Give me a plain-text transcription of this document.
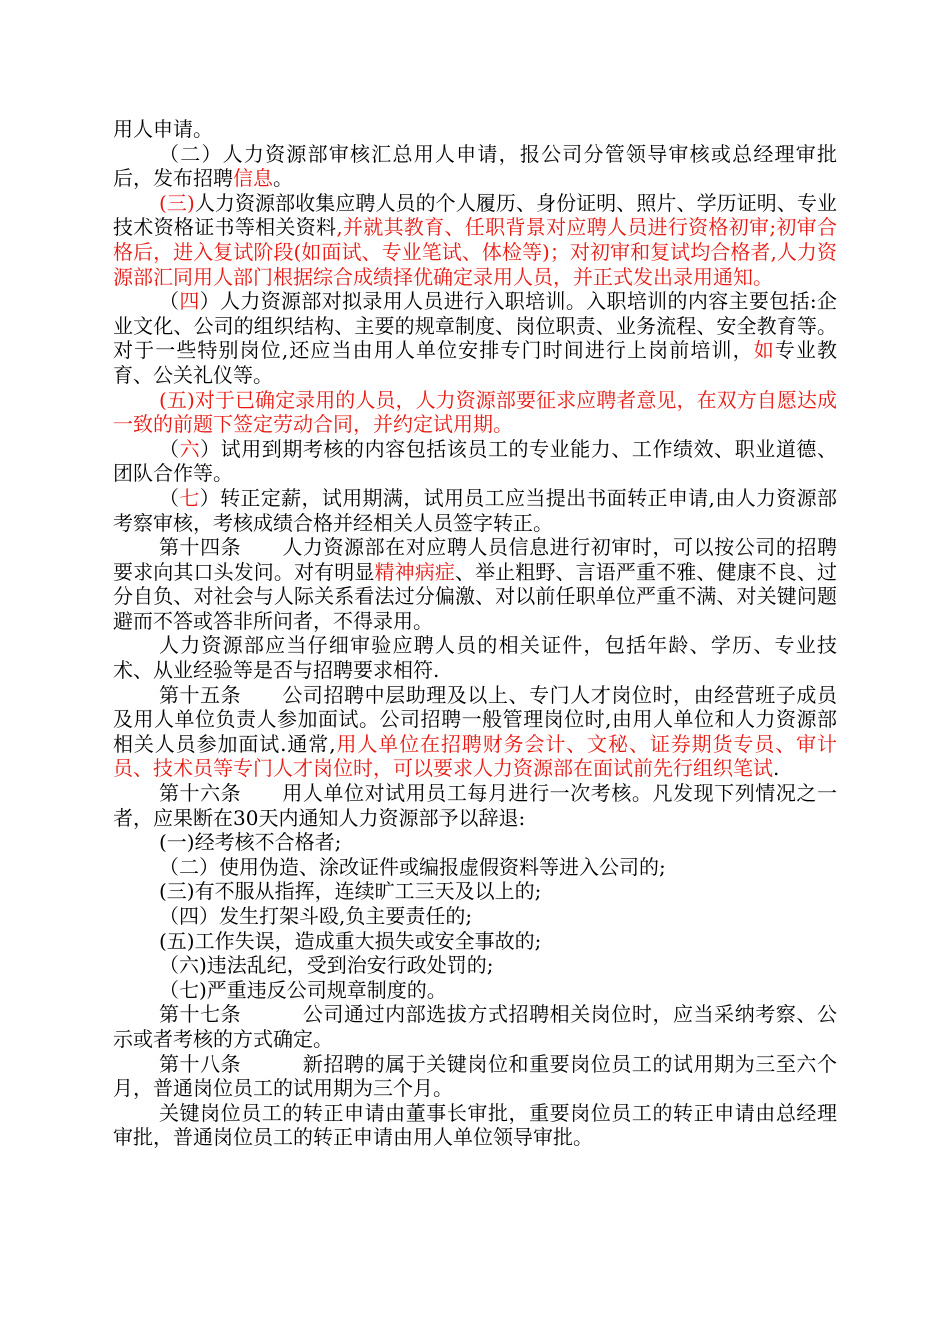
用人申请。

（二）人力资源部审核汇总用人申请，报公司分管领导审核或总经理审批后，发布招聘信息。

(三)人力资源部收集应聘人员的个人履历、身份证明、照片、学历证明、专业技术资格证书等相关资料,并就其教育、任职背景对应聘人员进行资格初审;初审合格后，进入复试阶段(如面试、专业笔试、体检等)；对初审和复试均合格者,人力资源部汇同用人部门根据综合成绩择优确定录用人员，并正式发出录用通知。

（四）人力资源部对拟录用人员进行入职培训。入职培训的内容主要包括:企业文化、公司的组织结构、主要的规章制度、岗位职责、业务流程、安全教育等。对于一些特别岗位,还应当由用人单位安排专门时间进行上岗前培训，如专业教育、公关礼仪等。

(五)对于已确定录用的人员，人力资源部要征求应聘者意见，在双方自愿达成一致的前题下签定劳动合同，并约定试用期。

（六）试用到期考核的内容包括该员工的专业能力、工作绩效、职业道德、团队合作等。

（七）转正定薪，试用期满，试用员工应当提出书面转正申请,由人力资源部考察审核，考核成绩合格并经相关人员签字转正。

第十四条　　人力资源部在对应聘人员信息进行初审时，可以按公司的招聘要求向其口头发问。对有明显精神病症、举止粗野、言语严重不雅、健康不良、过分自负、对社会与人际关系看法过分偏激、对以前任职单位严重不满、对关键问题避而不答或答非所问者，不得录用。

人力资源部应当仔细审验应聘人员的相关证件，包括年龄、学历、专业技术、从业经验等是否与招聘要求相符.

第十五条　　公司招聘中层助理及以上、专门人才岗位时，由经营班子成员及用人单位负责人参加面试。公司招聘一般管理岗位时,由用人单位和人力资源部相关人员参加面试.通常,用人单位在招聘财务会计、文秘、证券期货专员、审计员、技术员等专门人才岗位时，可以要求人力资源部在面试前先行组织笔试.

第十六条　　用人单位对试用员工每月进行一次考核。凡发现下列情况之一者，应果断在30天内通知人力资源部予以辞退:

(一)经考核不合格者;

（二）使用伪造、涂改证件或编报虚假资料等进入公司的;

(三)有不服从指挥，连续旷工三天及以上的;

（四）发生打架斗殴,负主要责任的;

(五)工作失误，造成重大损失或安全事故的;

（六)违法乱纪，受到治安行政处罚的;

（七)严重违反公司规章制度的。

第十七条　　　公司通过内部选拔方式招聘相关岗位时，应当采纳考察、公示或者考核的方式确定。

第十八条　　　新招聘的属于关键岗位和重要岗位员工的试用期为三至六个月，普通岗位员工的试用期为三个月。

关键岗位员工的转正申请由董事长审批，重要岗位员工的转正申请由总经理审批，普通岗位员工的转正申请由用人单位领导审批。
